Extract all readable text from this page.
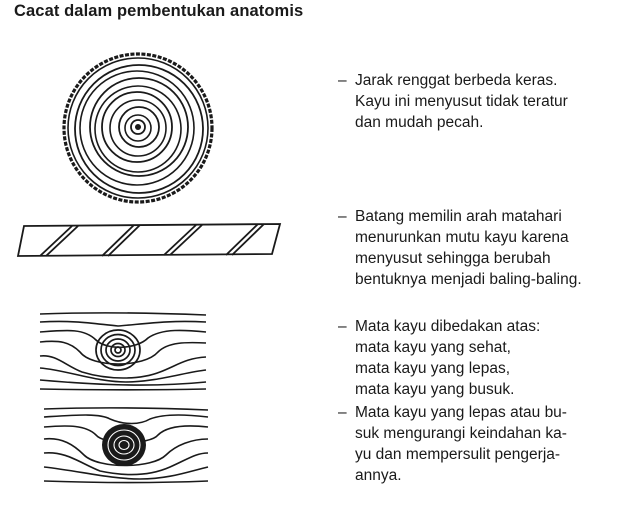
Cacat dalam pembentukan anatomis
– Jarak renggat berbeda keras.
Kayu ini menyusut tidak teratur
dan mudah pecah.
– Batang memilin arah matahari
menurunkan mutu kayu karena
menyusut sehingga berubah
bentuknya menjadi baling-baling.
– Mata kayu dibedakan atas:
mata kayu yang sehat,
mata kayu yang lepas,
mata kayu yang busuk.
– Mata kayu yang lepas atau bu-
suk mengurangi keindahan ka-
yu dan mempersulit pengerja-
annya.
